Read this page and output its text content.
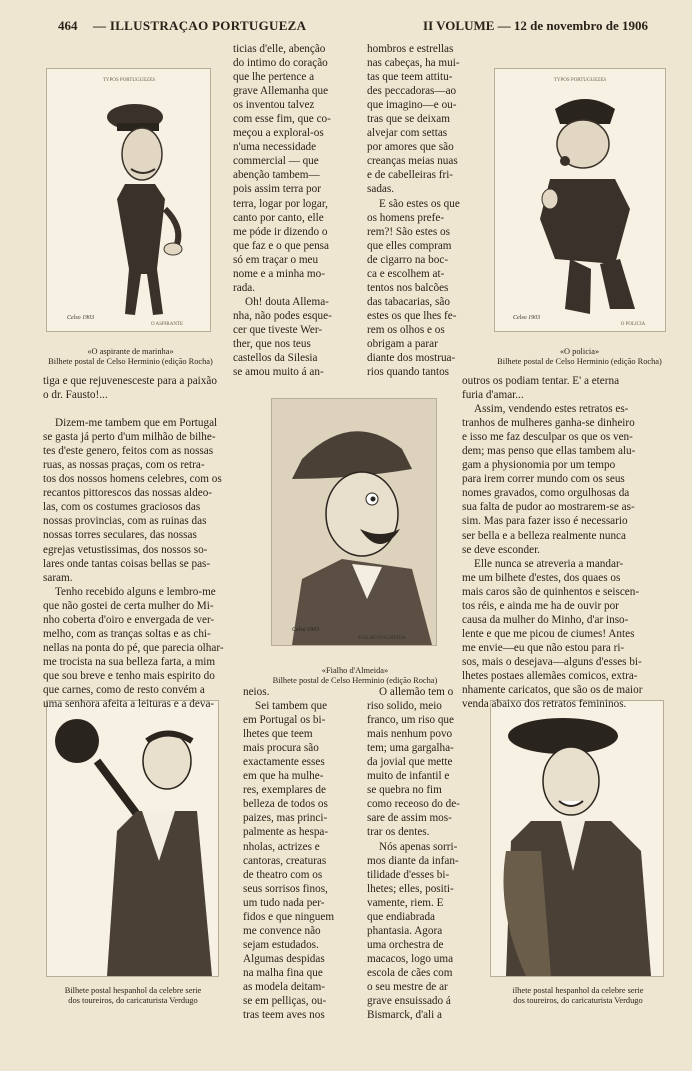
464 — ILLUSTRAÇAO PORTUGUEZA	II VOLUME — 12 de novembro de 1906
TYPOS PORTUGUEZES
Celso 1903
O ASPIRANTE
«O aspirante de marinha»
Bilhete postal de Celso Herminio (edição Rocha)
TYPOS PORTUGUEZES
Celso 1903
O POLICIA
«O policia»
Bilhete postal de Celso Herminio (edição Rocha)
Celso 1903
FIALHO D'ALMEIDA
«Fialho d'Almeida»
Bilhete postal de Celso Herminio (edição Rocha)
Bilhete postal hespanhol da celebre serie
dos toureiros, do caricaturista Verdugo
ilhete postal hespanhol da celebre serie
dos toureiros, do caricaturista Verdugo

ticias d'elle, abenção

do intimo do coração

que lhe pertence a

grave Allemanha que

os inventou talvez

com esse fim, que co-

meçou a exploral-os

n'uma necessidade

commercial — que

abenção tambem—

pois assim terra por

terra, logar por logar,

canto por canto, elle

me póde ir dizendo o

que faz e o que pensa

só em traçar o meu

nome e a minha mo-

rada.

Oh! douta Allema-

nha, não podes esque-

cer que tiveste Wer-

ther, que nos teus

castellos da Silesia

se amou muito á an-

hombros e estrellas

nas cabeças, ha mui-

tas que teem attitu-

des peccadoras—ao

que imagino—e ou-

tras que se deixam

alvejar com settas

por amores que são

creanças meias nuas

e de cabelleiras fri-

sadas.

E são estes os que

os homens prefe-

rem?! São estes os

que elles compram

de cigarro na boc-

ca e escolhem at-

tentos nos balcões

das tabacarias, são

estes os que lhes fe-

rem os olhos e os

obrigam a parar

diante dos mostrua-

rios quando tantos

tiga e que rejuvenesceste para a paixão

o dr. Fausto!...

Dizem-me tambem que em Portugal

se gasta já perto d'um milhão de bilhe-

tes d'este genero, feitos com as nossas

ruas, as nossas praças, com os retra-

tos dos nossos homens celebres, com os

recantos pittorescos das nossas aldeo-

las, com os costumes graciosos das

nossas provincias, com as ruinas das

nossas torres seculares, das nossas

egrejas vetustissimas, dos nossos so-

lares onde tantas coisas bellas se pas-

saram.

Tenho recebido alguns e lembro-me

que não gostei de certa mulher do Mi-

nho coberta d'oiro e envergada de ver-

melho, com as tranças soltas e as chi-

nellas na ponta do pé, que parecia olhar-

me trocista na sua belleza farta, a mim

que sou breve e tenho mais espirito do

que carnes, como de resto convém a

uma senhora afeita a leituras e a deva-

outros os podiam tentar. E' a eterna

furia d'amar...

Assim, vendendo estes retratos es-

tranhos de mulheres ganha-se dinheiro

e isso me faz desculpar os que os ven-

dem; mas penso que ellas tambem alu-

gam a physionomia por um tempo

para irem correr mundo com os seus

nomes gravados, como orgulhosas da

sua falta de pudor ao mostrarem-se as-

sim. Mas para fazer isso é necessario

ser bella e a belleza realmente nunca

se deve esconder.

Elle nunca se atreveria a mandar-

me um bilhete d'estes, dos quaes os

mais caros são de quinhentos e seiscen-

tos réis, e ainda me ha de ouvir por

causa da mulher do Minho, d'ar inso-

lente e que me picou de ciumes! Antes

me envie—eu que não estou para ri-

sos, mais o desejava—alguns d'esses bi-

lhetes postaes allemães comicos, extra-

nhamente caricatos, que são os de maior

venda abaixo dos retratos femininos.

neios.

Sei tambem que

em Portugal os bi-

lhetes que teem

mais procura são

exactamente esses

em que ha mulhe-

res, exemplares de

belleza de todos os

paizes, mas princi-

palmente as hespa-

nholas, actrizes e

cantoras, creaturas

de theatro com os

seus sorrisos finos,

um tudo nada per-

fidos e que ninguem

me convence não

sejam estudados.

Algumas despidas

na malha fina que

as modela deitam-

se em pelliças, ou-

tras teem aves nos

O allemão tem o

riso solido, meio

franco, um riso que

mais nenhum povo

tem; uma gargalha-

da jovial que mette

muito de infantil e

se quebra no fim

como receoso do de-

sare de assim mos-

trar os dentes.

Nós apenas sorri-

mos diante da infan-

tilidade d'esses bi-

lhetes; elles, positi-

vamente, riem. E

que endiabrada

phantasia. Agora

uma orchestra de

macacos, logo uma

escola de cães com

o seu mestre de ar

grave ensuissado á

Bismarck, d'ali a
